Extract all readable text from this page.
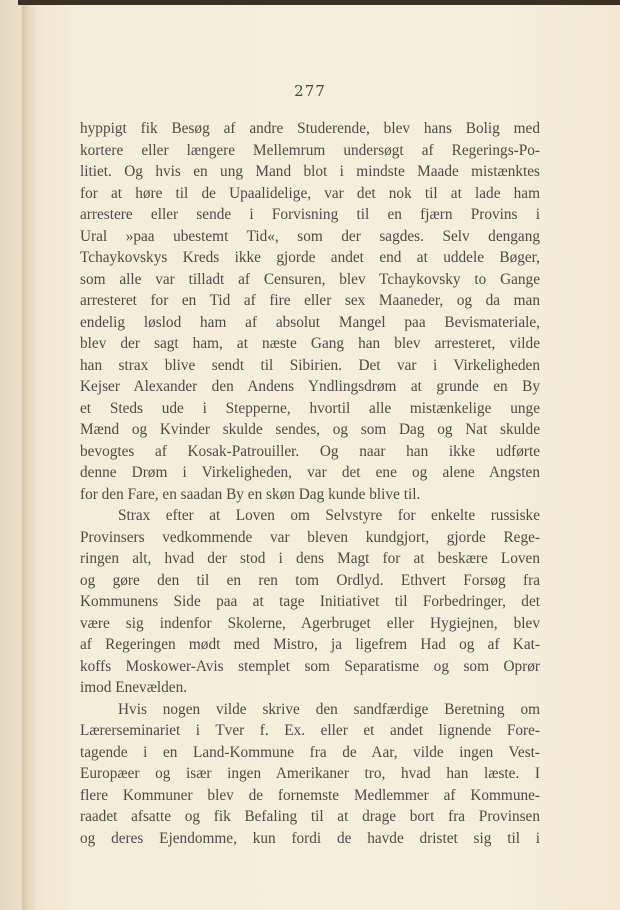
277
hyppigt fik Besøg af andre Studerende, blev hans Bolig med
kortere eller længere Mellemrum undersøgt af Regerings-Po-
litiet. Og hvis en ung Mand blot i mindste Maade mistænktes
for at høre til de Upaalidelige, var det nok til at lade ham
arrestere eller sende i Forvisning til en fjærn Provins i
Ural »paa ubestemt Tid«, som der sagdes. Selv dengang
Tchaykovskys Kreds ikke gjorde andet end at uddele Bøger,
som alle var tilladt af Censuren, blev Tchaykovsky to Gange
arresteret for en Tid af fire eller sex Maaneder, og da man
endelig løslod ham af absolut Mangel paa Bevismateriale,
blev der sagt ham, at næste Gang han blev arresteret, vilde
han strax blive sendt til Sibirien. Det var i Virkeligheden
Kejser Alexander den Andens Yndlingsdrøm at grunde en By
et Steds ude i Stepperne, hvortil alle mistænkelige unge
Mænd og Kvinder skulde sendes, og som Dag og Nat skulde
bevogtes af Kosak-Patrouiller. Og naar han ikke udførte
denne Drøm i Virkeligheden, var det ene og alene Angsten
for den Fare, en saadan By en skøn Dag kunde blive til.
Strax efter at Loven om Selvstyre for enkelte russiske
Provinsers vedkommende var bleven kundgjort, gjorde Rege-
ringen alt, hvad der stod i dens Magt for at beskære Loven
og gøre den til en ren tom Ordlyd. Ethvert Forsøg fra
Kommunens Side paa at tage Initiativet til Forbedringer, det
være sig indenfor Skolerne, Agerbruget eller Hygiejnen, blev
af Regeringen mødt med Mistro, ja ligefrem Had og af Kat-
koffs Moskower-Avis stemplet som Separatisme og som Oprør
imod Enevælden.
Hvis nogen vilde skrive den sandfærdige Beretning om
Lærerseminariet i Tver f. Ex. eller et andet lignende Fore-
tagende i en Land-Kommune fra de Aar, vilde ingen Vest-
Europæer og især ingen Amerikaner tro, hvad han læste. I
flere Kommuner blev de fornemste Medlemmer af Kommune-
raadet afsatte og fik Befaling til at drage bort fra Provinsen
og deres Ejendomme, kun fordi de havde dristet sig til i
